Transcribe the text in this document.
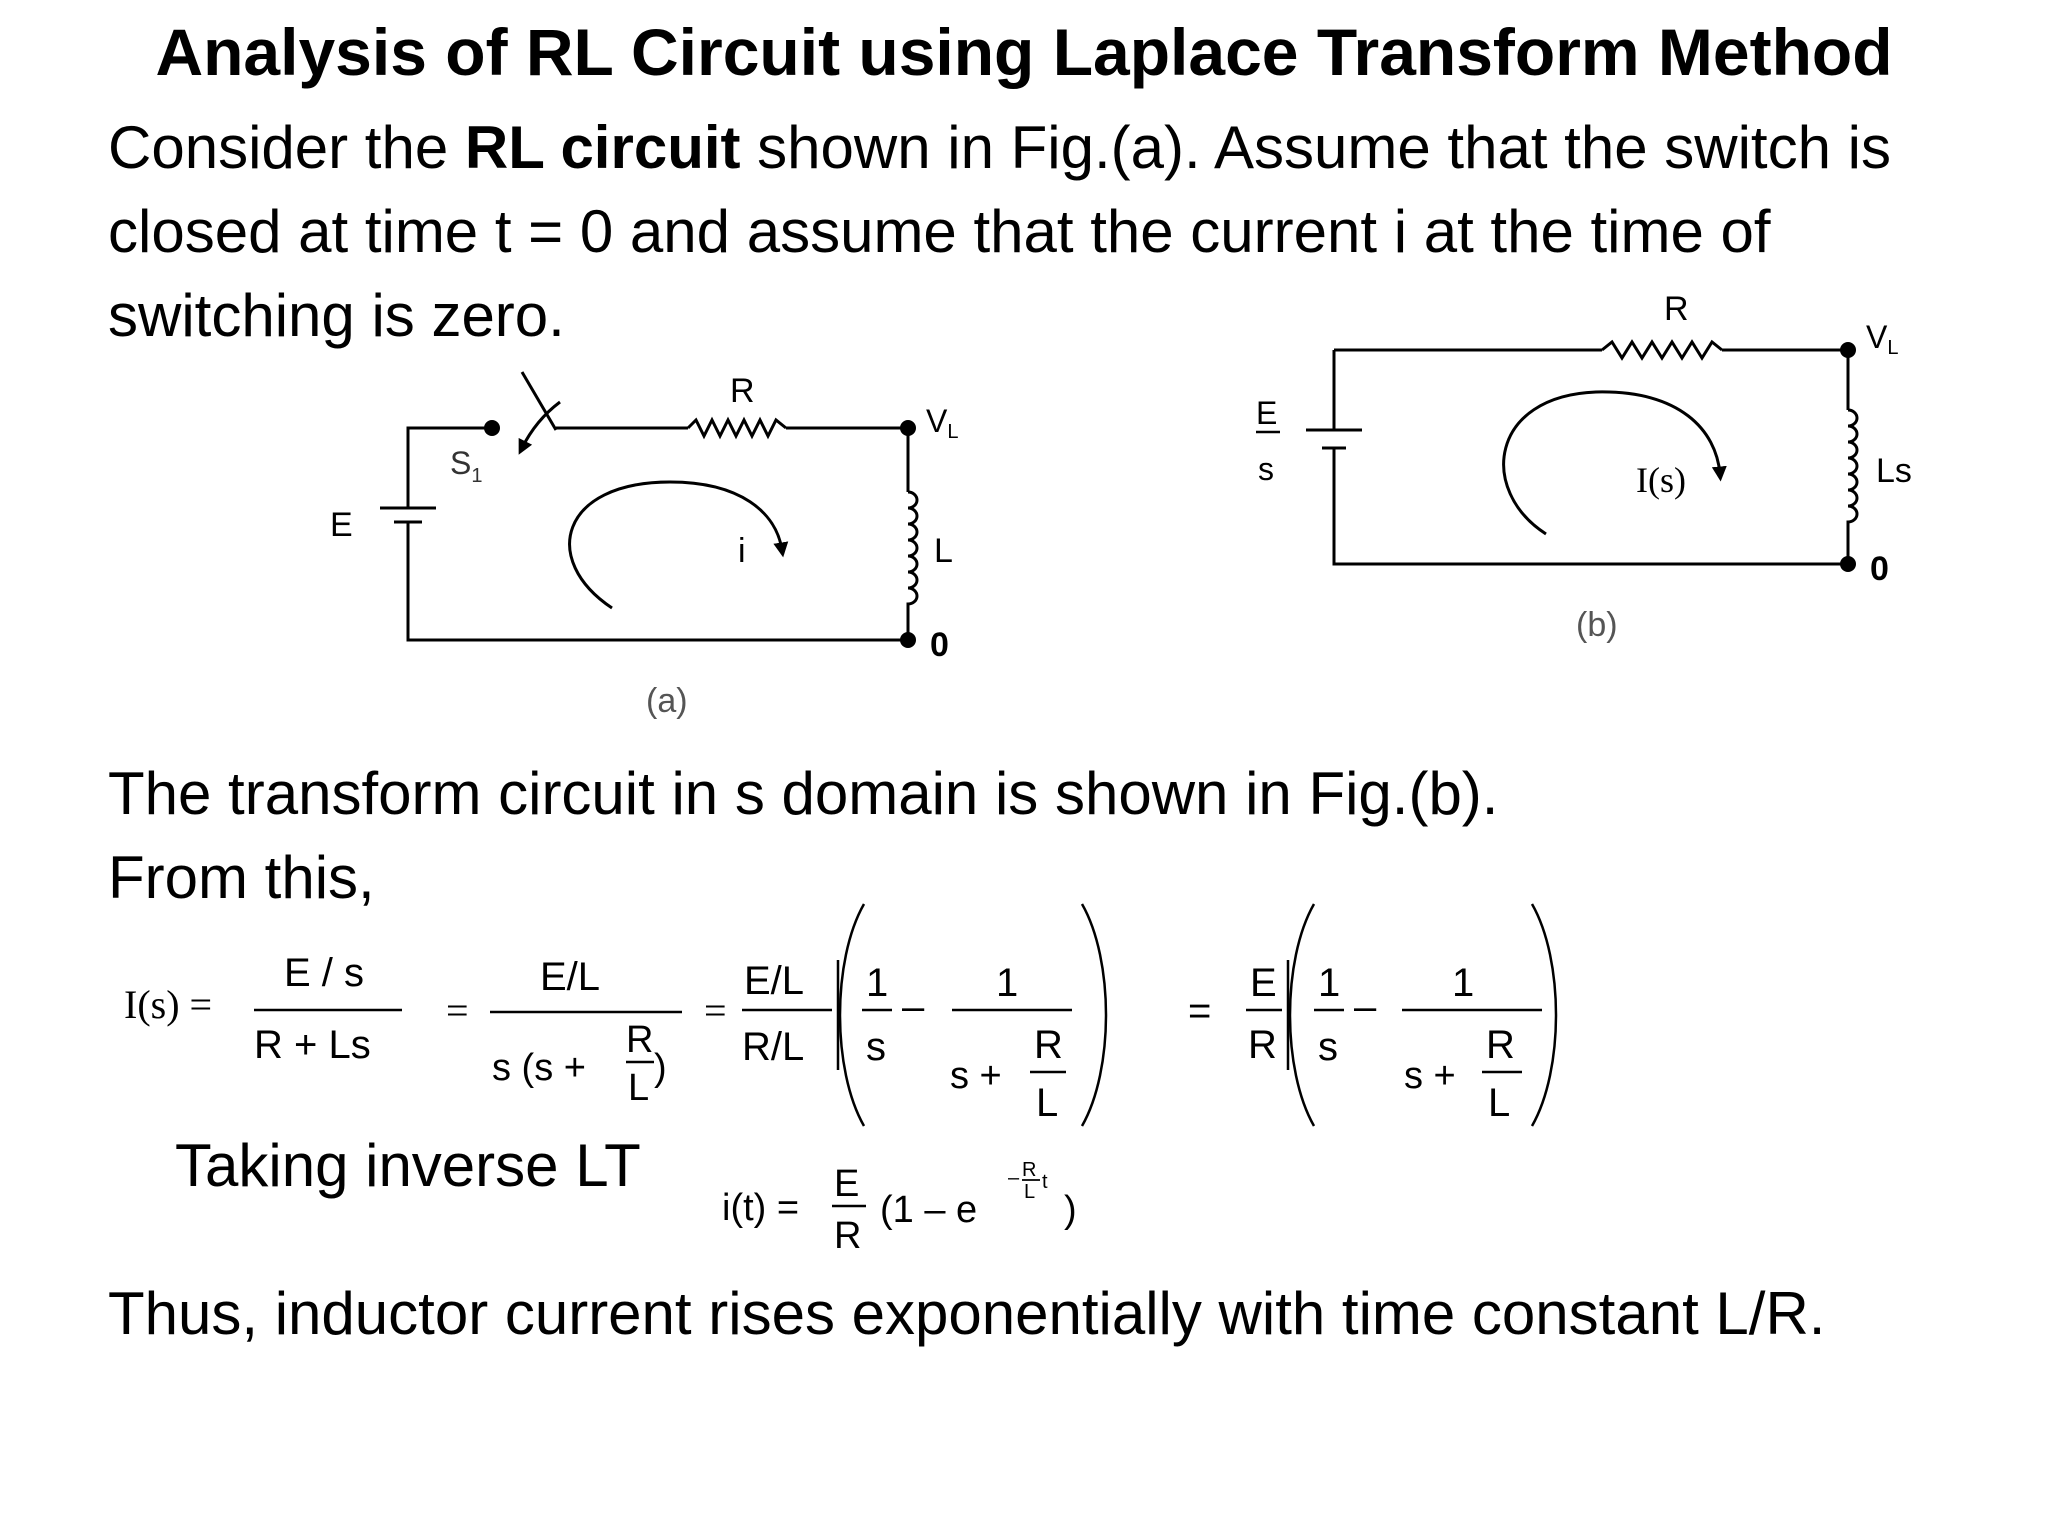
Analysis of RL Circuit using Laplace Transform Method

Consider the RL circuit shown in Fig.(a). Assume that the switch is closed at time t = 0 and assume that the current i at the time of switching is zero.

The transform circuit in s domain is shown in Fig.(b).

From this,

Taking inverse LT

Thus, inductor current rises exponentially with time constant L/R.

E
$S_1$
R
VL
L
0
i
(a)
E
s
R
VL
Ls
0
I(s)
(b)
I(s) =
E / s
R + Ls
=
E/L
s (s +
R
L )
=
E/L
R/L
1
s
–
1
s +
R
L
=
E
R
1
s
–
1
s +
R
L
i(t) =
E
R
(1 – e
– R
L t
)
